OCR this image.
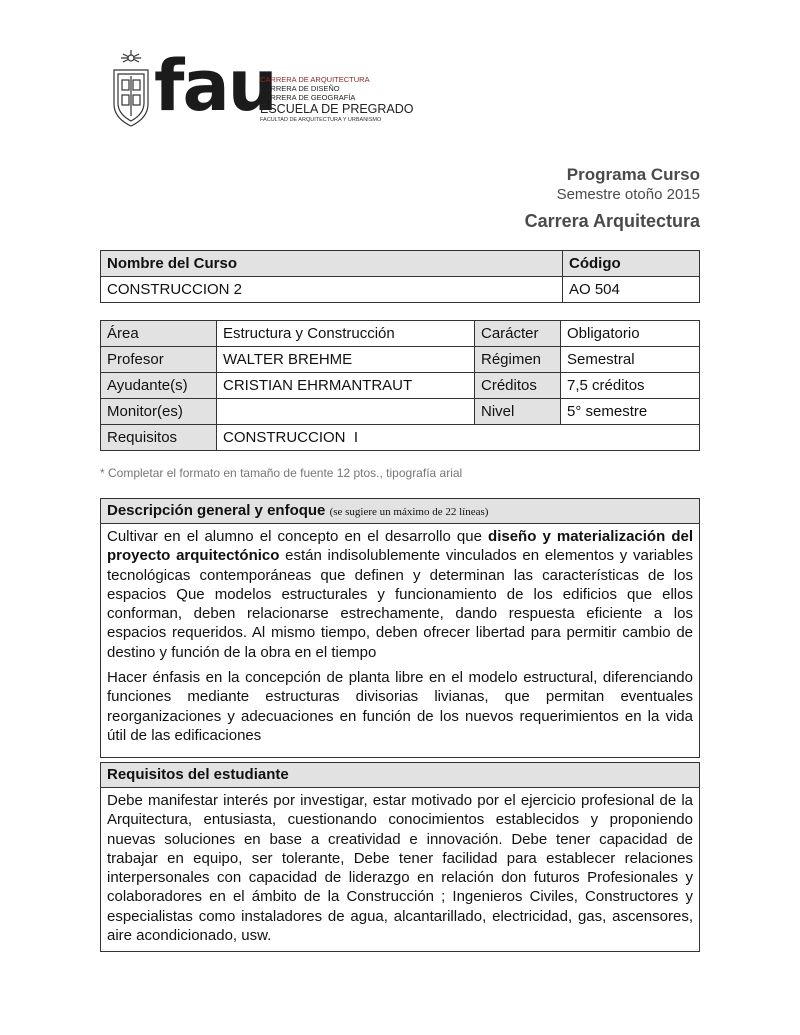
fau
CARRERA DE ARQUITECTURA
CARRERA DE DISEÑO
CARRERA DE GEOGRAFÍA
ESCUELA DE PREGRADO
FACULTAD DE ARQUITECTURA Y URBANISMO
Programa Curso
Semestre otoño 2015
Carrera Arquitectura
Nombre del Curso	Código
CONSTRUCCION 2	AO 504
Área	Estructura y Construcción	Carácter	Obligatorio
Profesor	WALTER BREHME	Régimen	Semestral
Ayudante(s)	CRISTIAN EHRMANTRAUT	Créditos	7,5 créditos
Monitor(es)		Nivel	5° semestre
Requisitos	CONSTRUCCION  I		
* Completar el formato en tamaño de fuente 12 ptos., tipografía arial
Descripción general y enfoque (se sugiere un máximo de 22 líneas)

Cultivar en el alumno el concepto en el desarrollo que diseño y materialización del proyecto arquitectónico están indisolublemente vinculados en elementos y variables tecnológicas contemporáneas que definen y determinan las características de los espacios Que modelos estructurales y funcionamiento de los edificios que ellos conforman, deben relacionarse estrechamente, dando respuesta eficiente a los espacios requeridos. Al mismo tiempo, deben ofrecer libertad para permitir cambio de destino y función de la obra en el tiempo

Hacer énfasis en la concepción de planta libre en el modelo estructural, diferenciando funciones mediante estructuras divisorias livianas, que permitan eventuales reorganizaciones y adecuaciones en función de los nuevos requerimientos en la vida útil de las edificaciones

Requisitos del estudiante
Debe manifestar interés por investigar, estar motivado por el ejercicio profesional de la Arquitectura, entusiasta, cuestionando conocimientos establecidos y proponiendo nuevas soluciones en base a creatividad e innovación. Debe tener capacidad de trabajar en equipo, ser tolerante, Debe tener facilidad para establecer relaciones interpersonales con capacidad de liderazgo en relación don futuros Profesionales y colaboradores en el ámbito de la Construcción ; Ingenieros Civiles, Constructores y especialistas como instaladores de agua, alcantarillado, electricidad, gas, ascensores, aire acondicionado, usw.
